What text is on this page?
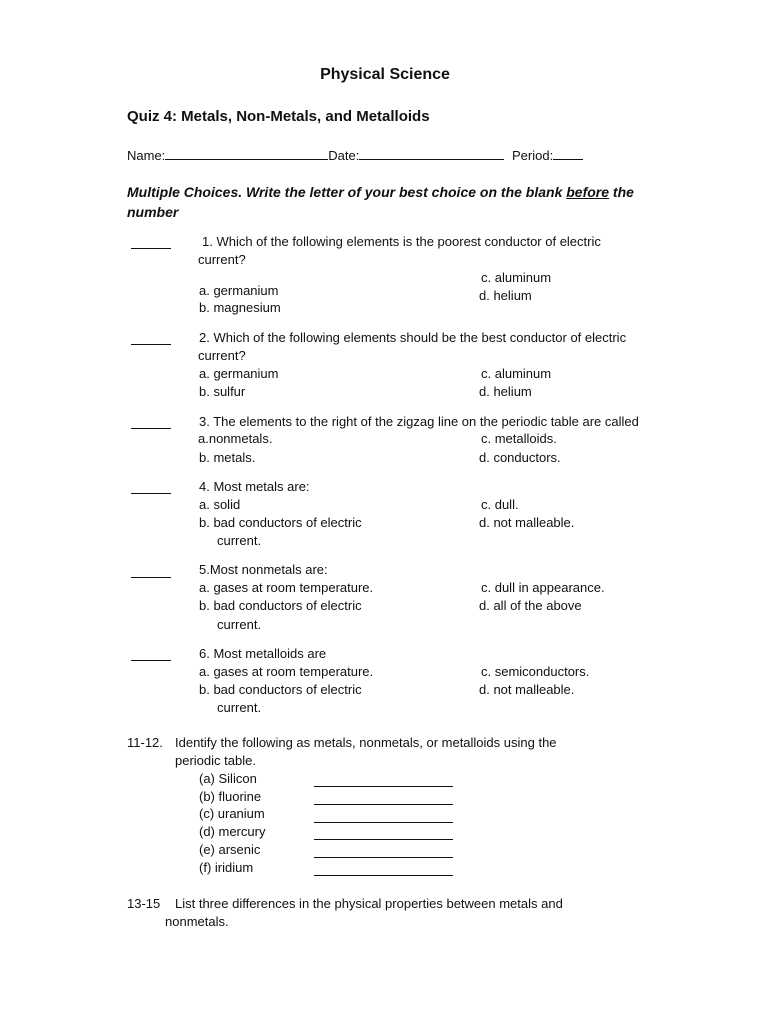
Physical Science
Quiz 4: Metals, Non-Metals, and Metalloids
Name:	Date:	Period:
Multiple Choices. Write the letter of your best choice on the blank before the
number
1. Which of the following elements is the poorest conductor of electric
current?
c. aluminum
a. germanium	d. helium
b. magnesium
2. Which of the following elements should be the best conductor of electric
current?
a. germanium	c. aluminum
b. sulfur	d. helium
3. The elements to the right of the zigzag line on the periodic table are called
a.nonmetals.	c. metalloids.
b. metals.	d. conductors.
4. Most metals are:
a. solid	c. dull.
b. bad conductors of electric	d. not malleable.
current.
5.Most nonmetals are:
a. gases at room temperature.	c. dull in appearance.
b. bad conductors of electric	d. all of the above
current.
6. Most metalloids are
a. gases at room temperature.	c. semiconductors.
b. bad conductors of electric	d. not malleable.
current.
11-12. Identify the following as metals, nonmetals, or metalloids using the
periodic table.
(a) Silicon
(b) fluorine
(c) uranium
(d) mercury
(e) arsenic
(f) iridium
13-15 List three differences in the physical properties between metals and
nonmetals.
